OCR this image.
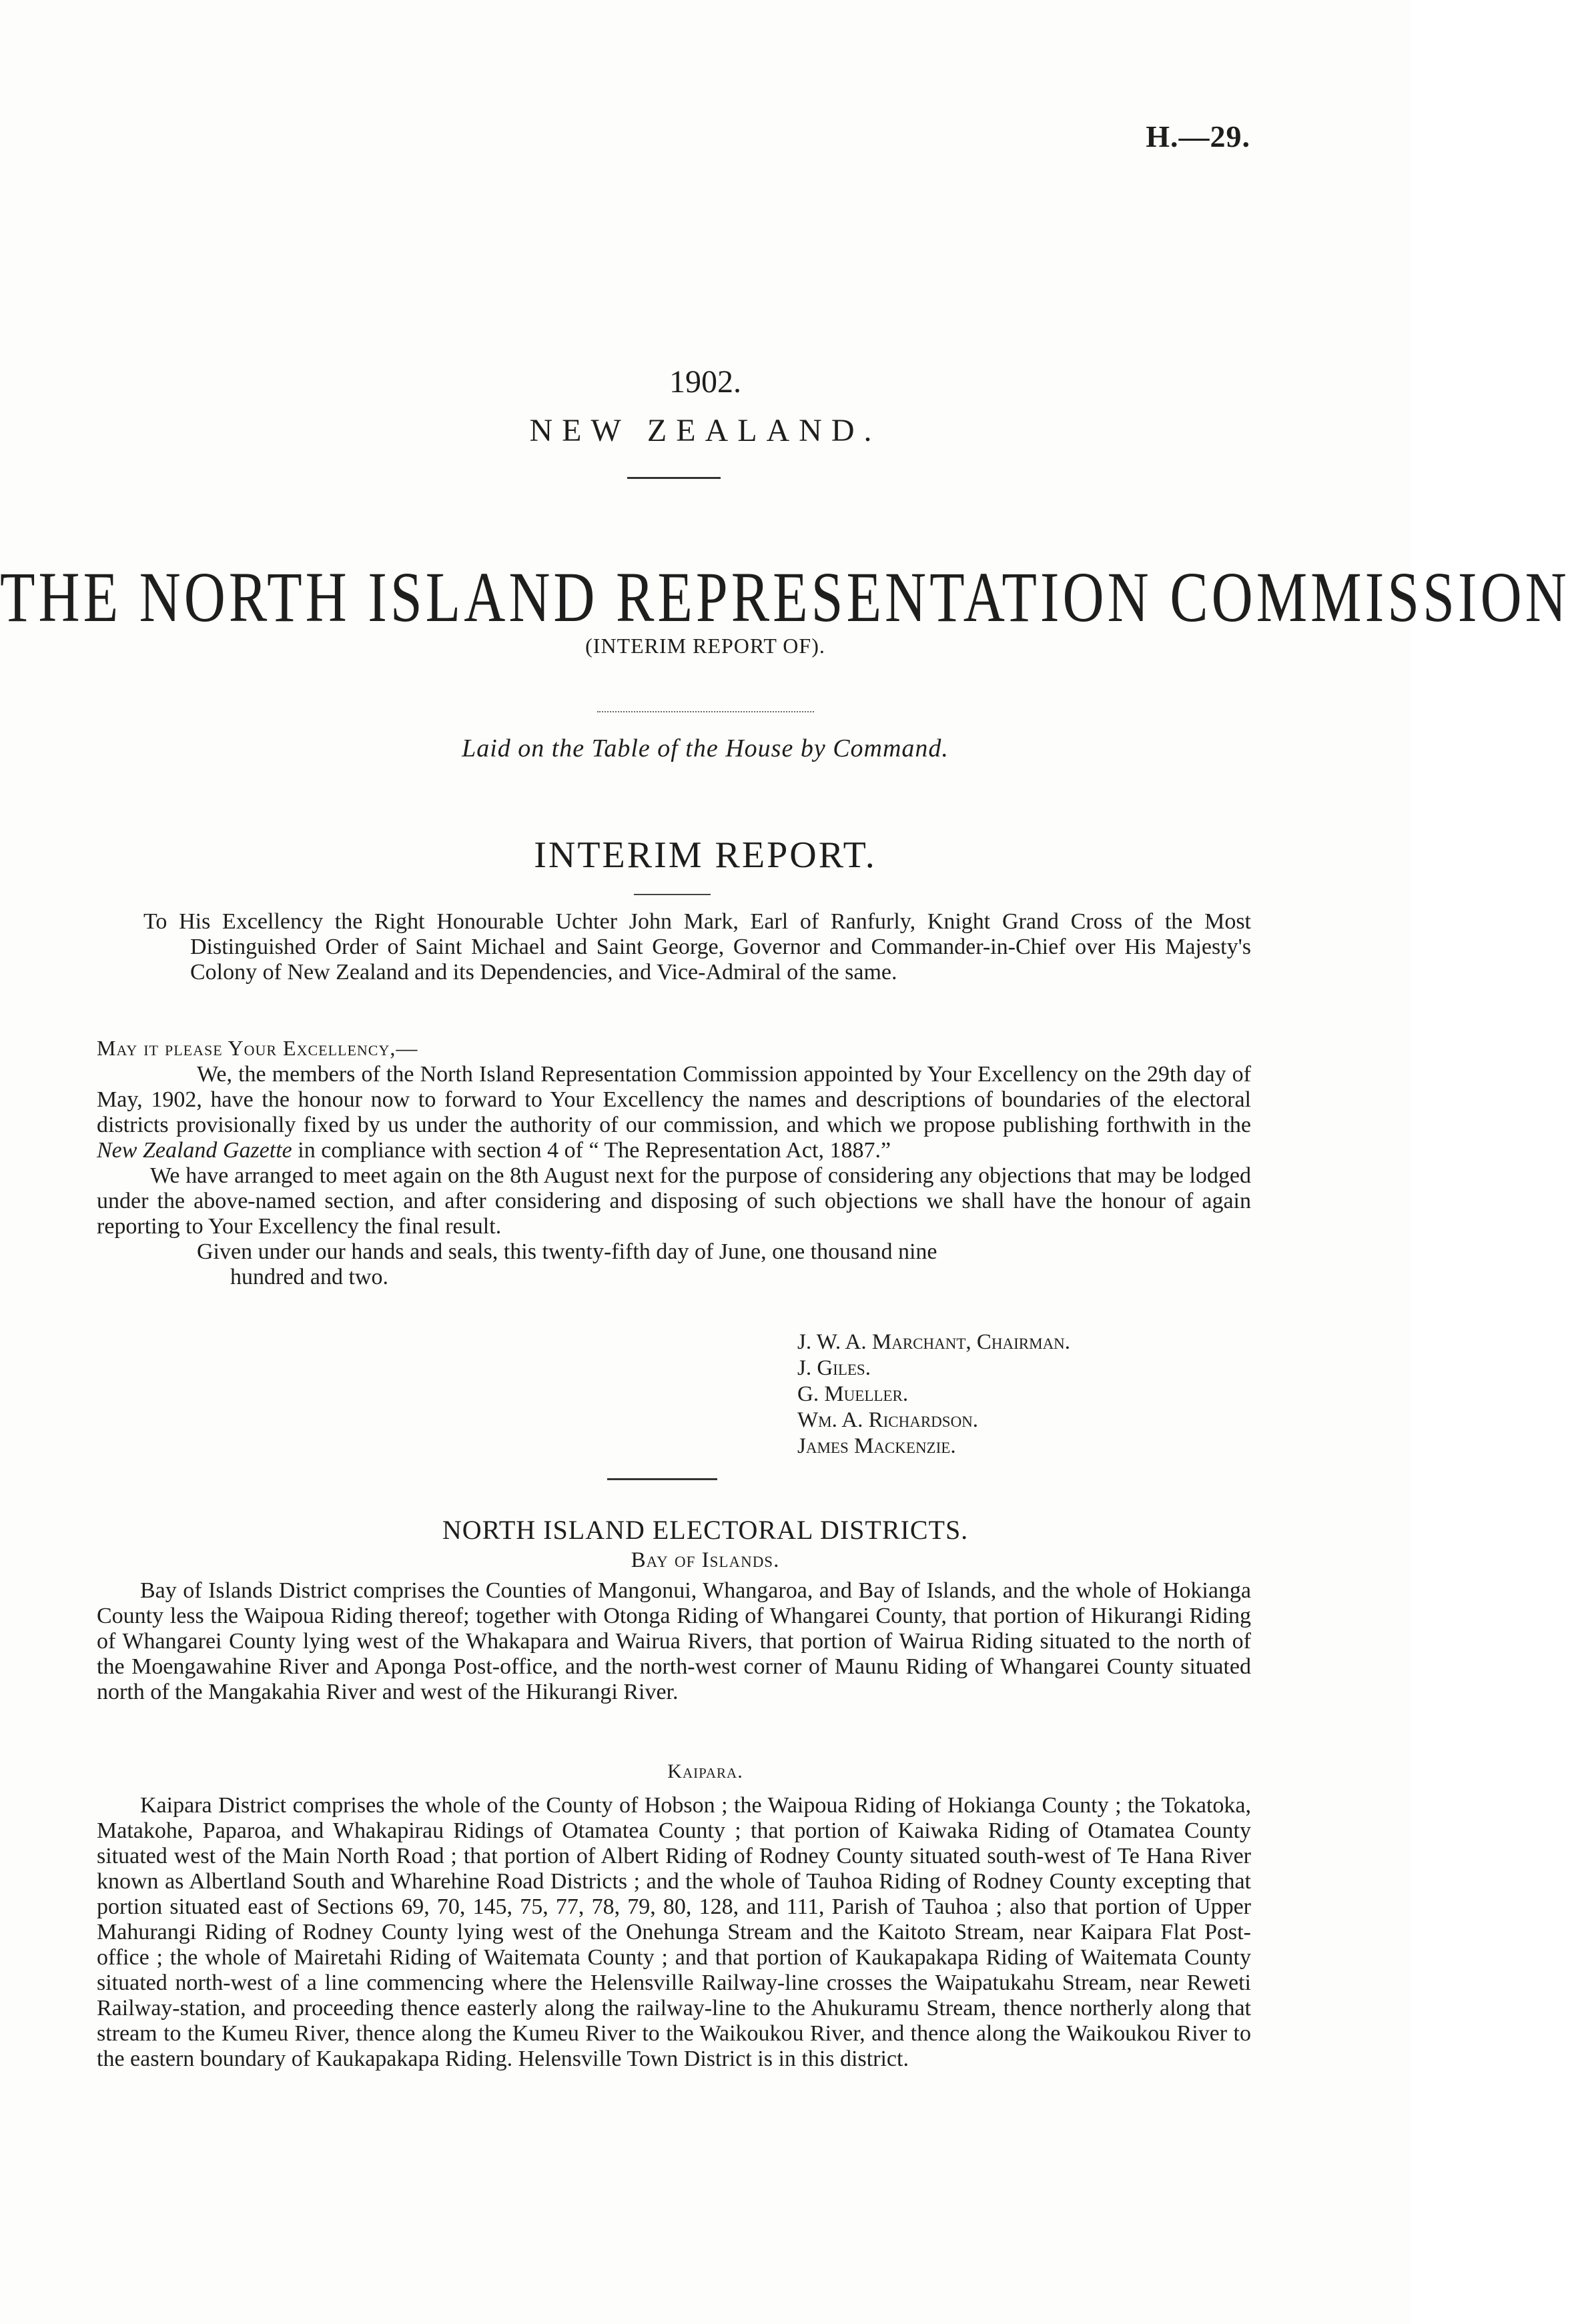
H.—29.
1902.
NEW ZEALAND.
THE NORTH ISLAND REPRESENTATION COMMISSION
(INTERIM REPORT OF).
Laid on the Table of the House by Command.
INTERIM REPORT.

To His Excellency the Right Honourable Uchter John Mark, Earl of Ranfurly, Knight Grand Cross of the Most Distinguished Order of Saint Michael and Saint George, Governor and Commander-in-Chief over His Majesty's Colony of New Zealand and its Dependencies, and Vice-Admiral of the same.

May it please Your Excellency,—

We, the members of the North Island Representation Commission appointed by Your Excellency on the 29th day of May, 1902, have the honour now to forward to Your Excellency the names and descriptions of boundaries of the electoral districts provisionally fixed by us under the authority of our commission, and which we propose publishing forthwith in the New Zealand Gazette in compliance with section 4 of “ The Representation Act, 1887.”

We have arranged to meet again on the 8th August next for the purpose of considering any objections that may be lodged under the above-named section, and after considering and disposing of such objections we shall have the honour of again reporting to Your Excellency the final result.

Given under our hands and seals, this twenty-fifth day of June, one thousand nine

hundred and two.

J. W. A. Marchant, Chairman.
J. Giles.
G. Mueller.
Wm. A. Richardson.
James Mackenzie.
NORTH ISLAND ELECTORAL DISTRICTS.
Bay of Islands.

Bay of Islands District comprises the Counties of Mangonui, Whangaroa, and Bay of Islands, and the whole of Hokianga County less the Waipoua Riding thereof; together with Otonga Riding of Whangarei County, that portion of Hikurangi Riding of Whangarei County lying west of the Whakapara and Wairua Rivers, that portion of Wairua Riding situated to the north of the Moengawahine River and Aponga Post-office, and the north-west corner of Maunu Riding of Whangarei County situated north of the Mangakahia River and west of the Hikurangi River.

Kaipara.

Kaipara District comprises the whole of the County of Hobson ; the Waipoua Riding of Hokianga County ; the Tokatoka, Matakohe, Paparoa, and Whakapirau Ridings of Otamatea County ; that portion of Kaiwaka Riding of Otamatea County situated west of the Main North Road ; that portion of Albert Riding of Rodney County situated south-west of Te Hana River known as Albertland South and Wharehine Road Districts ; and the whole of Tauhoa Riding of Rodney County excepting that portion situated east of Sections 69, 70, 145, 75, 77, 78, 79, 80, 128, and 111, Parish of Tauhoa ; also that portion of Upper Mahurangi Riding of Rodney County lying west of the Onehunga Stream and the Kaitoto Stream, near Kaipara Flat Post-office ; the whole of Mairetahi Riding of Waitemata County ; and that portion of Kaukapakapa Riding of Waitemata County situated north-west of a line commencing where the Helensville Railway-line crosses the Waipatukahu Stream, near Reweti Railway-station, and proceeding thence easterly along the railway-line to the Ahukuramu Stream, thence northerly along that stream to the Kumeu River, thence along the Kumeu River to the Waikoukou River, and thence along the Waikoukou River to the eastern boundary of Kaukapakapa Riding. Helensville Town District is in this district.
